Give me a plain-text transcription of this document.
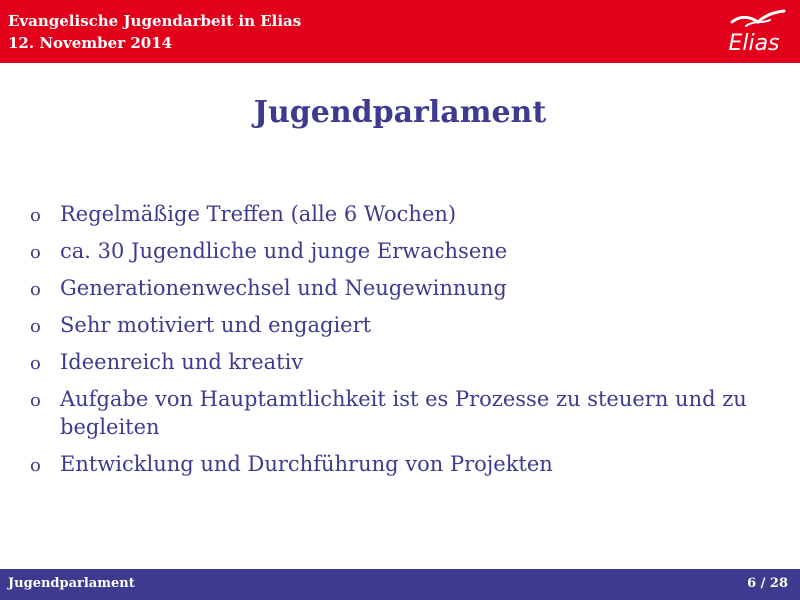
Evangelische Jugendarbeit in Elias
12. November 2014	Elias
Jugendparlament
o Regelmäßige Treffen (alle 6 Wochen)
o ca. 30 Jugendliche und junge Erwachsene
o Generationenwechsel und Neugewinnung
o Sehr motiviert und engagiert
o Ideenreich und kreativ
o Aufgabe von Hauptamtlichkeit ist es Prozesse zu steuern und zu begleiten
o Entwicklung und Durchführung von Projekten
Jugendparlament	6 / 28
